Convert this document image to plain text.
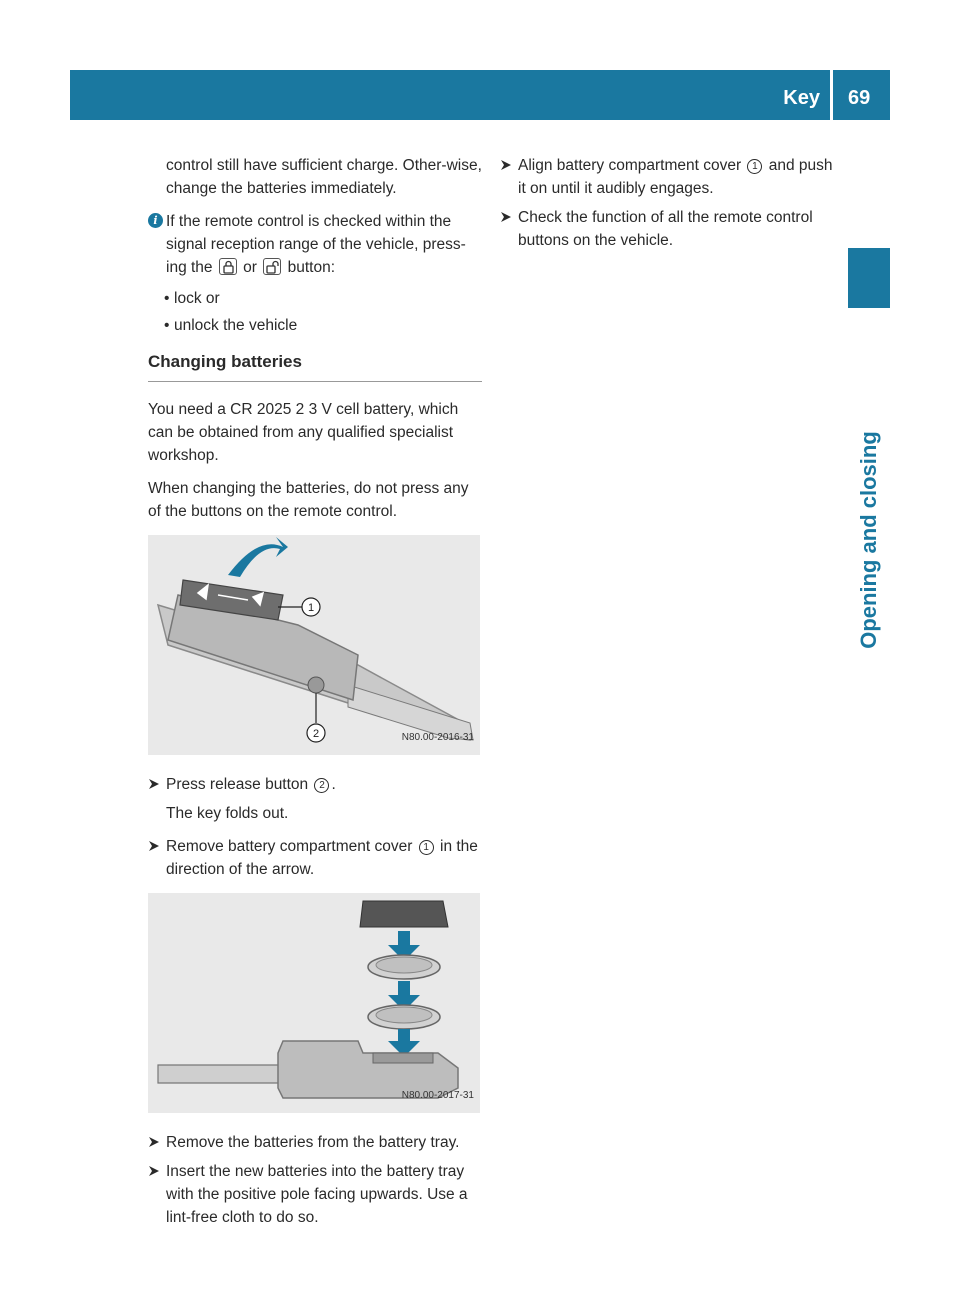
Key 69
Opening and closing

control still have sufficient charge. Other-wise, change the batteries immediately.

i If the remote control is checked within the signal reception range of the vehicle, press-ing the or button:
• lock or
• unlock the vehicle
Changing batteries

You need a CR 2025 2 3 V cell battery, which can be obtained from any qualified specialist workshop.

When changing the batteries, do not press any of the buttons on the remote control.

1
2	N80.00-2016-31
Press release button 2 .

The key folds out.

Remove battery compartment cover 1 in the direction of the arrow.
N80.00-2017-31
Remove the batteries from the battery tray.
Insert the new batteries into the battery tray with the positive pole facing upwards. Use a lint-free cloth to do so.
Align battery compartment cover 1 and push it on until it audibly engages.
Check the function of all the remote control buttons on the vehicle.
